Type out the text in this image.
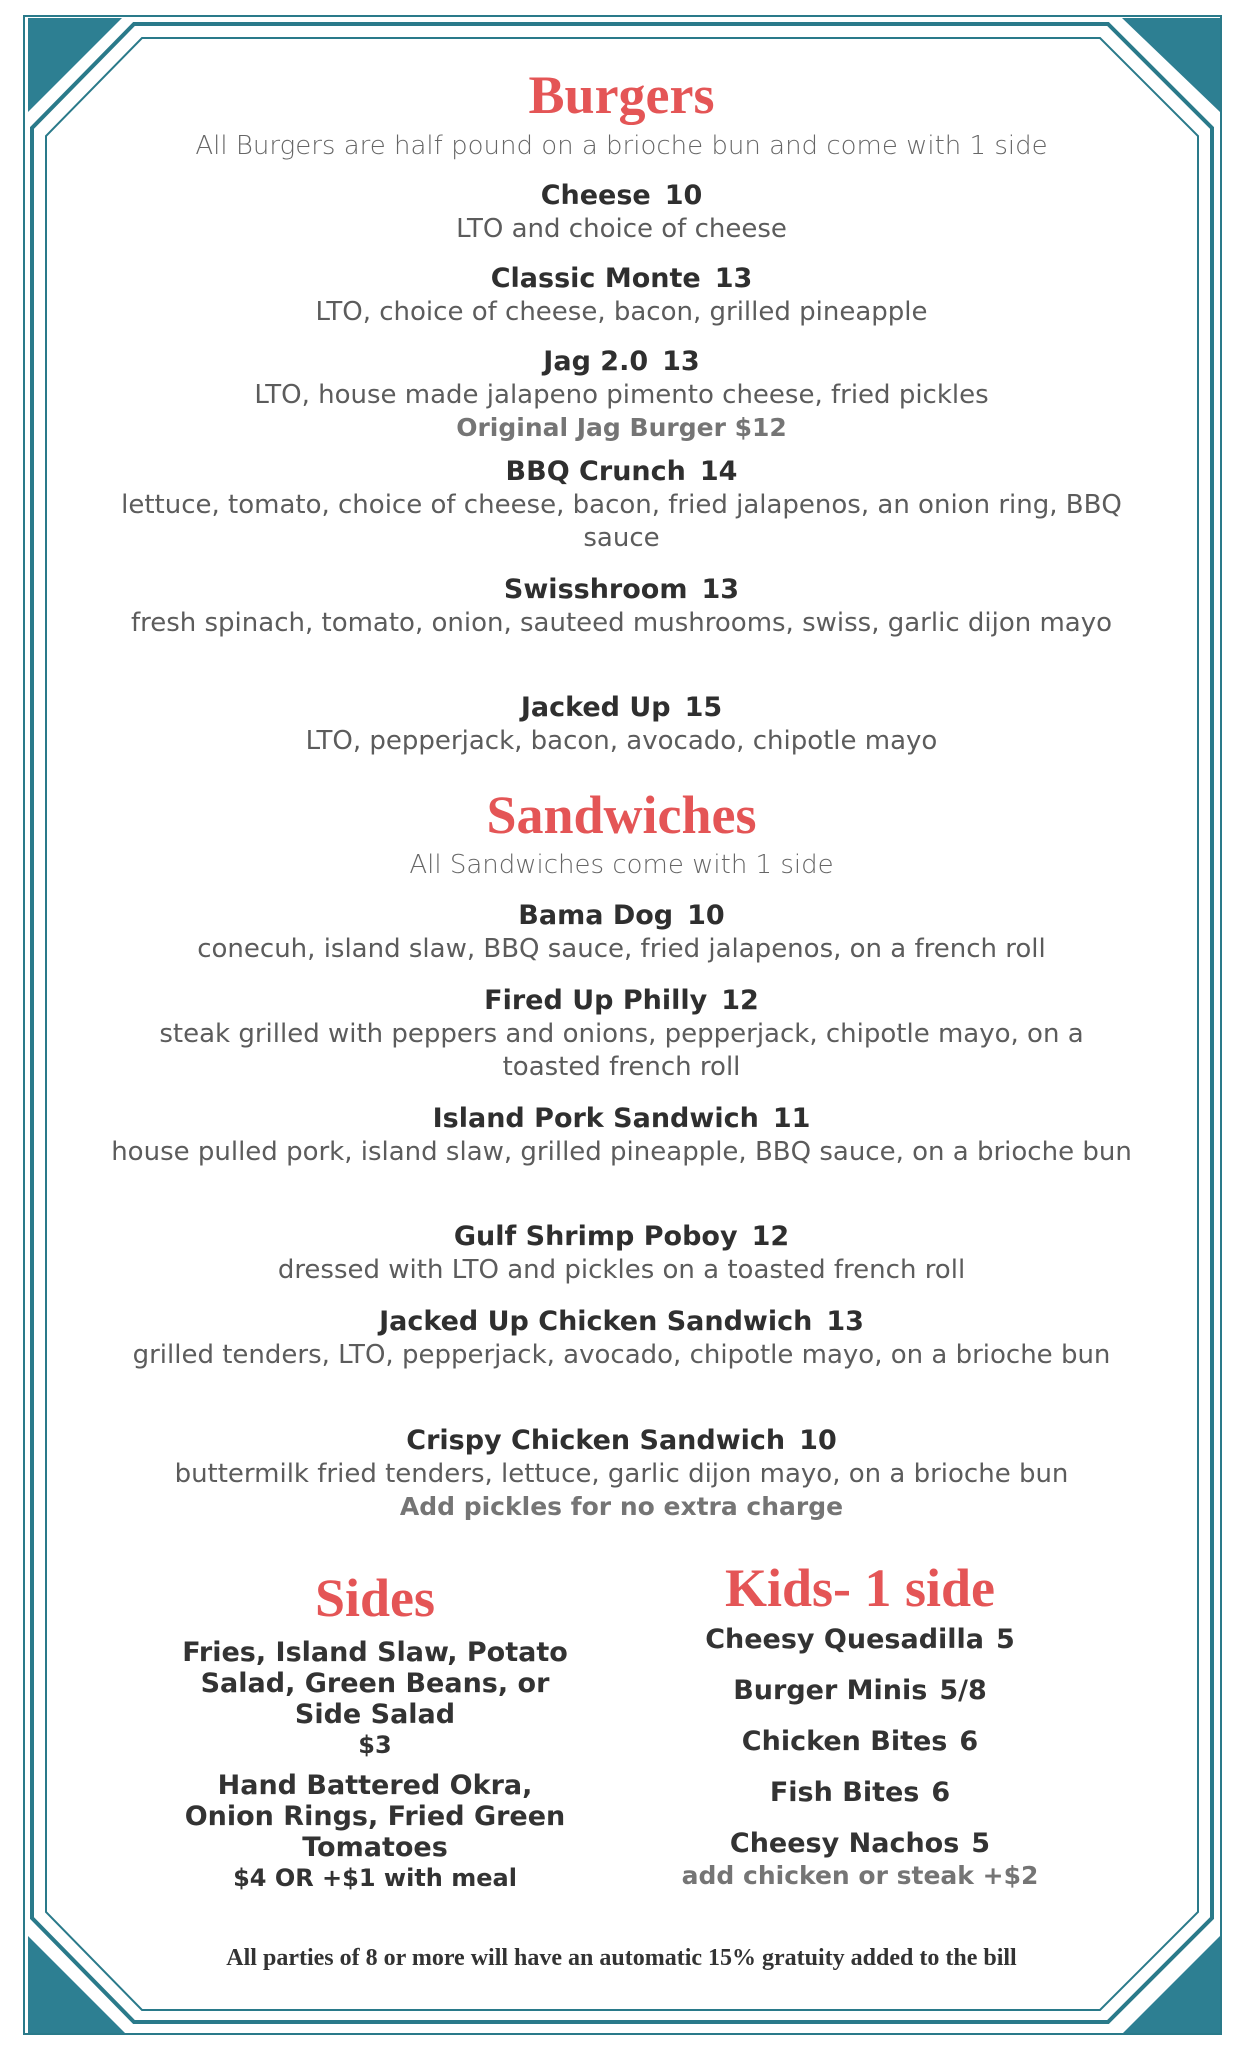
Burgers
All Burgers are half pound on a brioche bun and come with 1 side
Cheese 10
LTO and choice of cheese
Classic Monte 13
LTO, choice of cheese, bacon, grilled pineapple
Jag 2.0 13
LTO, house made jalapeno pimento cheese, fried pickles
Original Jag Burger $12
BBQ Crunch 14
lettuce, tomato, choice of cheese, bacon, fried jalapenos, an onion ring, BBQ sauce
Swisshroom 13
fresh spinach, tomato, onion, sauteed mushrooms, swiss, garlic dijon mayo
Jacked Up 15
LTO, pepperjack, bacon, avocado, chipotle mayo
Sandwiches
All Sandwiches come with 1 side
Bama Dog 10
conecuh, island slaw, BBQ sauce, fried jalapenos, on a french roll
Fired Up Philly 12
steak grilled with peppers and onions, pepperjack, chipotle mayo, on a toasted french roll
Island Pork Sandwich 11
house pulled pork, island slaw, grilled pineapple, BBQ sauce, on a brioche bun
Gulf Shrimp Poboy 12
dressed with LTO and pickles on a toasted french roll
Jacked Up Chicken Sandwich 13
grilled tenders, LTO, pepperjack, avocado, chipotle mayo, on a brioche bun
Crispy Chicken Sandwich 10
buttermilk fried tenders, lettuce, garlic dijon mayo, on a brioche bun
Add pickles for no extra charge
Sides
Fries, Island Slaw, Potato Salad, Green Beans, or Side Salad
$3
Hand Battered Okra, Onion Rings, Fried Green Tomatoes
$4 OR +$1 with meal
Kids- 1 side
Cheesy Quesadilla 5
Burger Minis 5/8
Chicken Bites 6
Fish Bites 6
Cheesy Nachos 5
add chicken or steak +$2
All parties of 8 or more will have an automatic 15% gratuity added to the bill
